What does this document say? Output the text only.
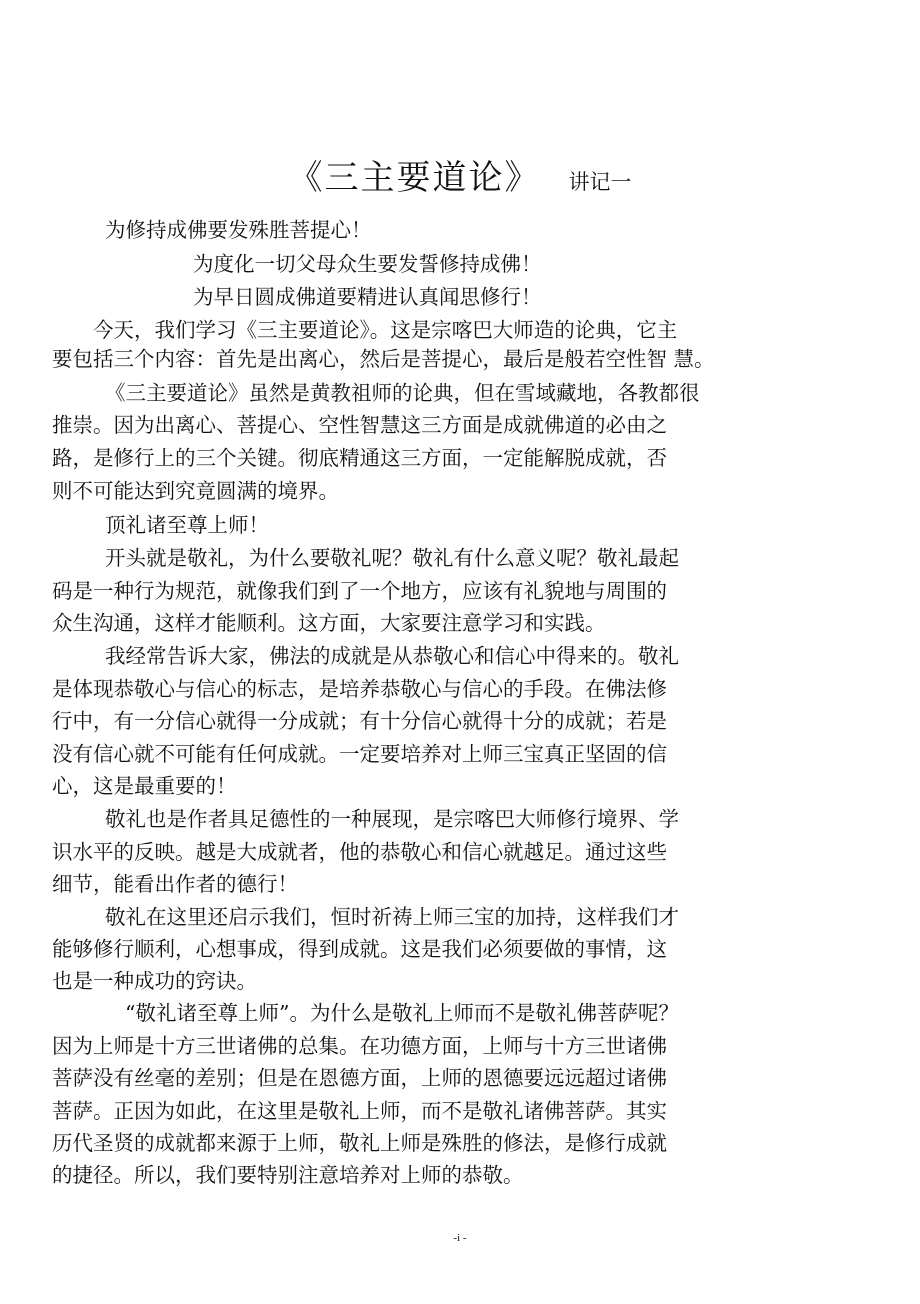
《三主要道论》 讲记一
为修持成佛要发殊胜菩提心！
为度化一切父母众生要发誓修持成佛！
为早日圆成佛道要精进认真闻思修行！
今天，我们学习《三主要道论》。这是宗喀巴大师造的论典，它主
要包括三个内容：首先是出离心，然后是菩提心，最后是般若空性智 慧。
《三主要道论》虽然是黄教祖师的论典，但在雪域藏地，各教都很
推崇。因为出离心、菩提心、空性智慧这三方面是成就佛道的必由之
路，是修行上的三个关键。彻底精通这三方面，一定能解脱成就，否
则不可能达到究竟圆满的境界。
顶礼诸至尊上师！
开头就是敬礼，为什么要敬礼呢？敬礼有什么意义呢？敬礼最起
码是一种行为规范，就像我们到了一个地方，应该有礼貌地与周围的
众生沟通，这样才能顺利。这方面，大家要注意学习和实践。
我经常告诉大家，佛法的成就是从恭敬心和信心中得来的。敬礼
是体现恭敬心与信心的标志，是培养恭敬心与信心的手段。在佛法修
行中，有一分信心就得一分成就；有十分信心就得十分的成就；若是
没有信心就不可能有任何成就。一定要培养对上师三宝真正坚固的信
心，这是最重要的！
敬礼也是作者具足德性的一种展现，是宗喀巴大师修行境界、学
识水平的反映。越是大成就者，他的恭敬心和信心就越足。通过这些
细节，能看出作者的德行！
敬礼在这里还启示我们，恒时祈祷上师三宝的加持，这样我们才
能够修行顺利，心想事成，得到成就。这是我们必须要做的事情，这
也是一种成功的窍诀。
“敬礼诸至尊上师”。为什么是敬礼上师而不是敬礼佛菩萨呢？
因为上师是十方三世诸佛的总集。在功德方面，上师与十方三世诸佛
菩萨没有丝毫的差别；但是在恩德方面，上师的恩德要远远超过诸佛
菩萨。正因为如此，在这里是敬礼上师，而不是敬礼诸佛菩萨。其实
历代圣贤的成就都来源于上师，敬礼上师是殊胜的修法，是修行成就
的捷径。所以，我们要特别注意培养对上师的恭敬。
-i -
